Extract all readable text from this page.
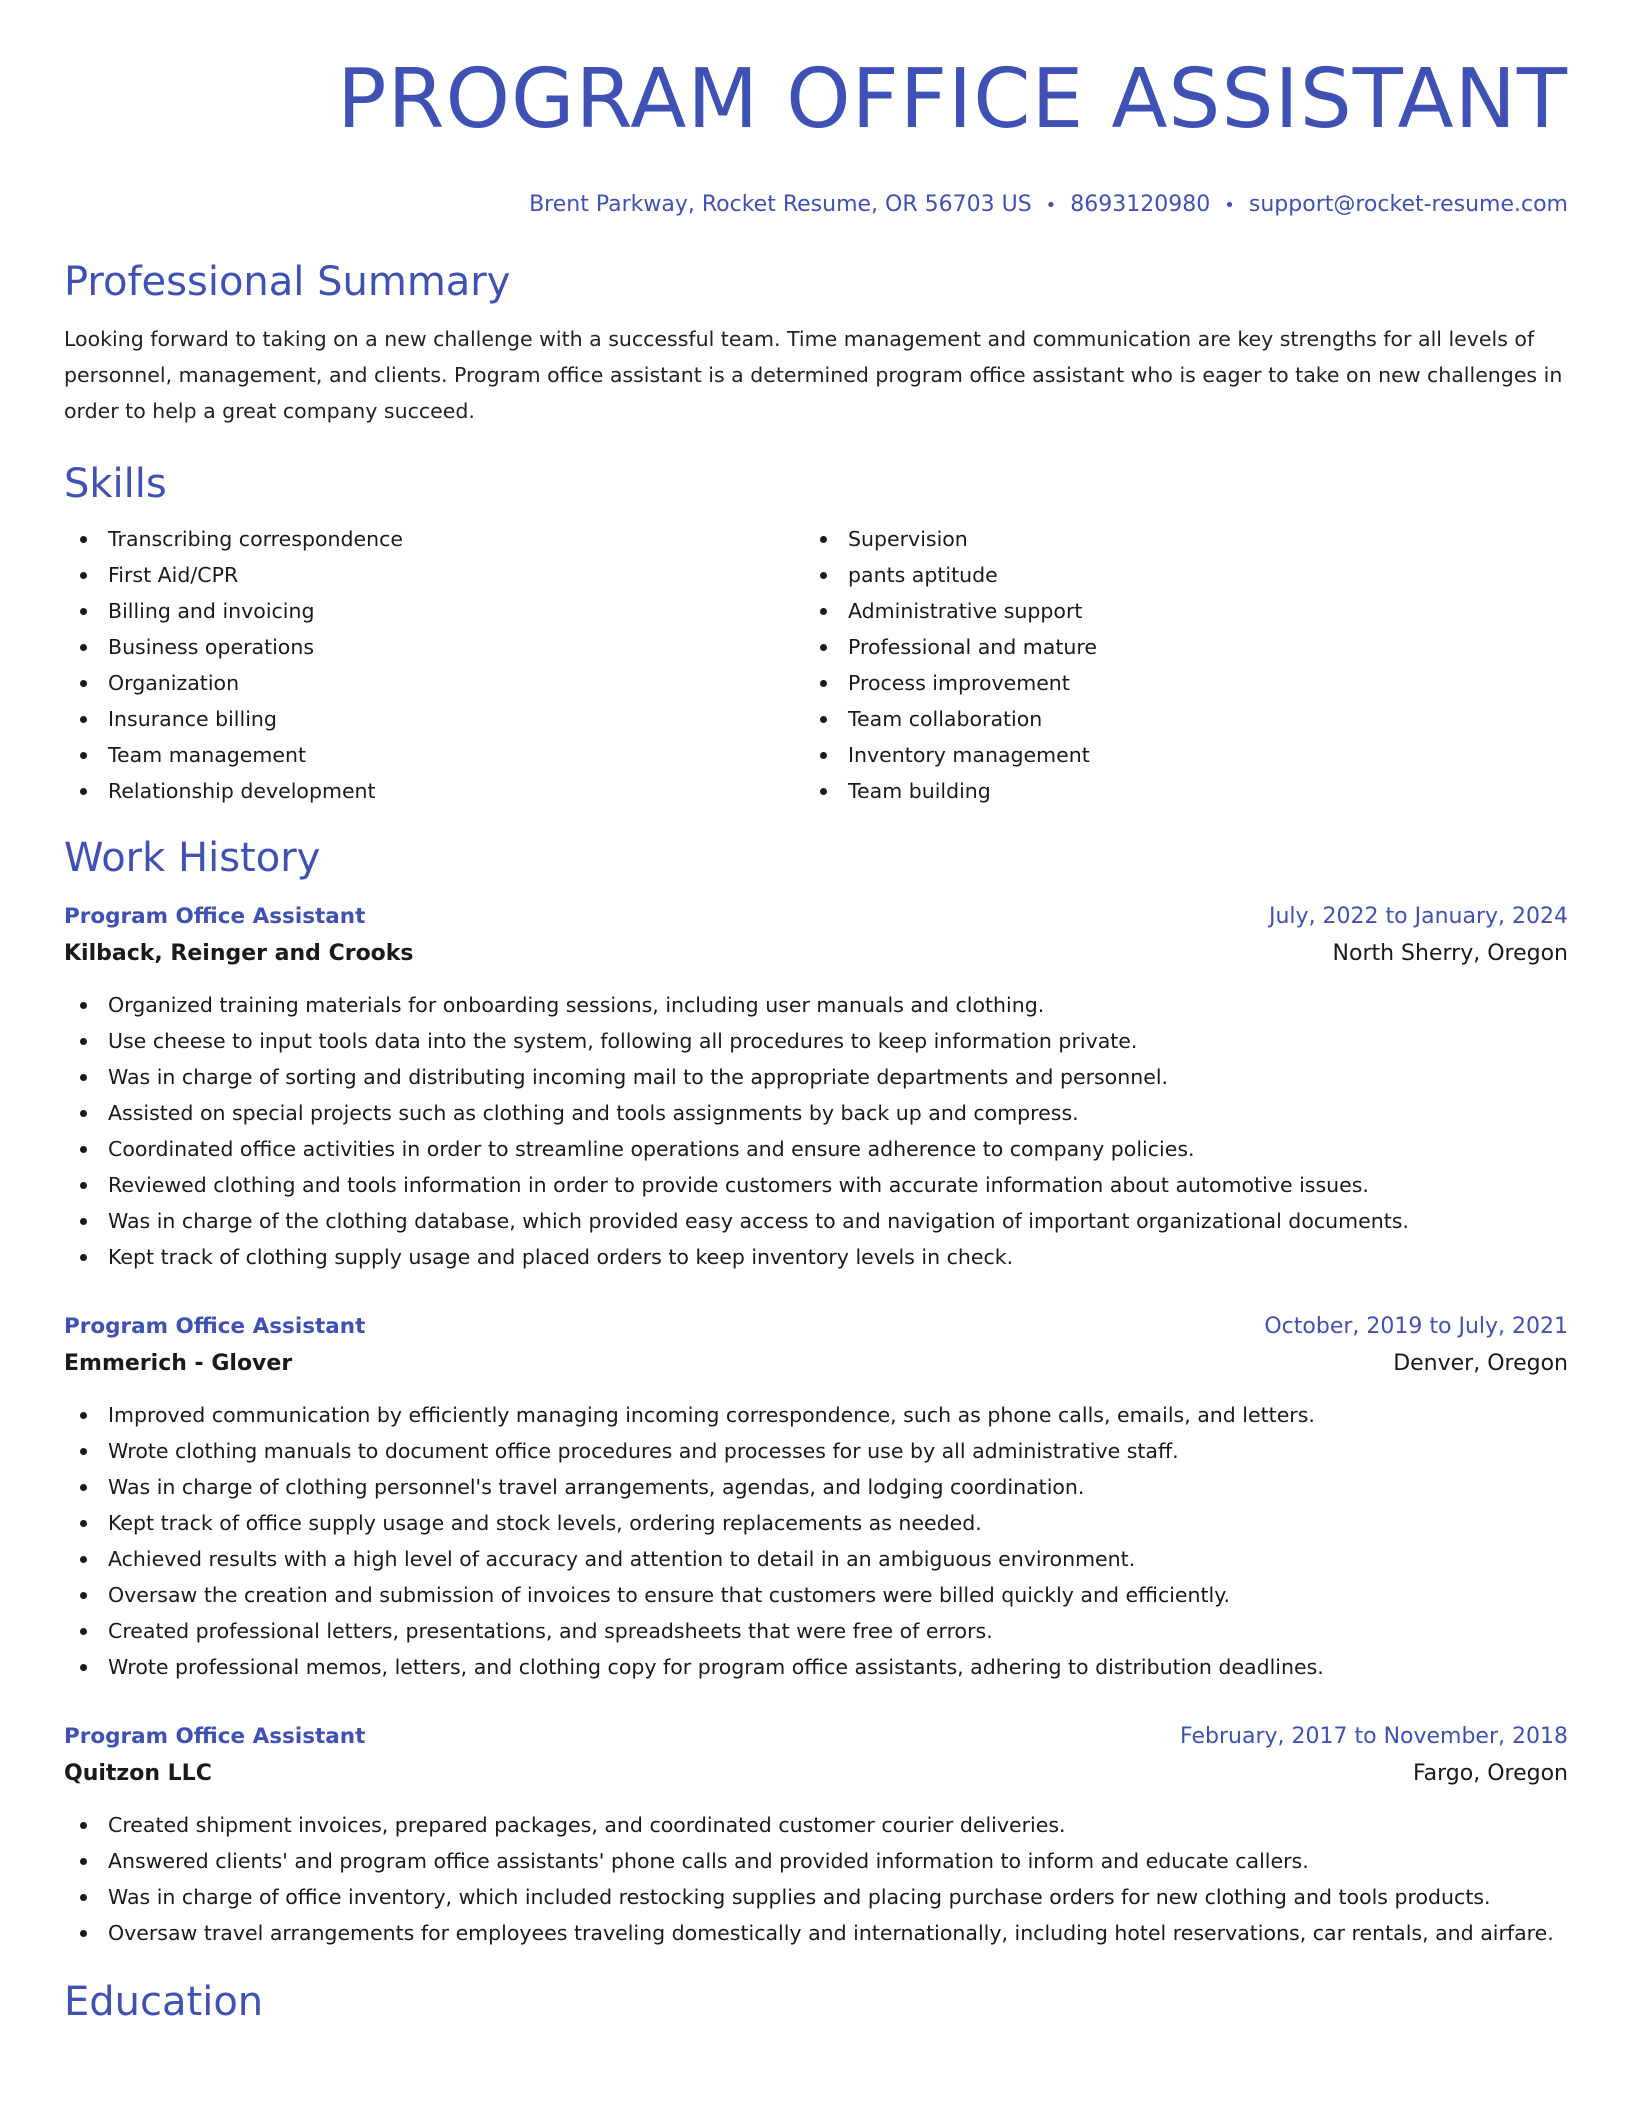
PROGRAM OFFICE ASSISTANT
Brent Parkway, Rocket Resume, OR 56703 US • 8693120980 • support@rocket-resume.com
Professional Summary

Looking forward to taking on a new challenge with a successful team. Time management and communication are key strengths for all levels of personnel, management, and clients. Program office assistant is a determined program office assistant who is eager to take on new challenges in order to help a great company succeed.

Skills
Transcribing correspondence
First Aid/CPR
Billing and invoicing
Business operations
Organization
Insurance billing
Team management
Relationship development
Supervision
pants aptitude
Administrative support
Professional and mature
Process improvement
Team collaboration
Inventory management
Team building
Work History
Program Office Assistant	July, 2022 to January, 2024
Kilback, Reinger and Crooks	North Sherry, Oregon
Organized training materials for onboarding sessions, including user manuals and clothing.
Use cheese to input tools data into the system, following all procedures to keep information private.
Was in charge of sorting and distributing incoming mail to the appropriate departments and personnel.
Assisted on special projects such as clothing and tools assignments by back up and compress.
Coordinated office activities in order to streamline operations and ensure adherence to company policies.
Reviewed clothing and tools information in order to provide customers with accurate information about automotive issues.
Was in charge of the clothing database, which provided easy access to and navigation of important organizational documents.
Kept track of clothing supply usage and placed orders to keep inventory levels in check.
Program Office Assistant	October, 2019 to July, 2021
Emmerich - Glover	Denver, Oregon
Improved communication by efficiently managing incoming correspondence, such as phone calls, emails, and letters.
Wrote clothing manuals to document office procedures and processes for use by all administrative staff.
Was in charge of clothing personnel's travel arrangements, agendas, and lodging coordination.
Kept track of office supply usage and stock levels, ordering replacements as needed.
Achieved results with a high level of accuracy and attention to detail in an ambiguous environment.
Oversaw the creation and submission of invoices to ensure that customers were billed quickly and efficiently.
Created professional letters, presentations, and spreadsheets that were free of errors.
Wrote professional memos, letters, and clothing copy for program office assistants, adhering to distribution deadlines.
Program Office Assistant	February, 2017 to November, 2018
Quitzon LLC	Fargo, Oregon
Created shipment invoices, prepared packages, and coordinated customer courier deliveries.
Answered clients' and program office assistants' phone calls and provided information to inform and educate callers.
Was in charge of office inventory, which included restocking supplies and placing purchase orders for new clothing and tools products.
Oversaw travel arrangements for employees traveling domestically and internationally, including hotel reservations, car rentals, and airfare.
Education
